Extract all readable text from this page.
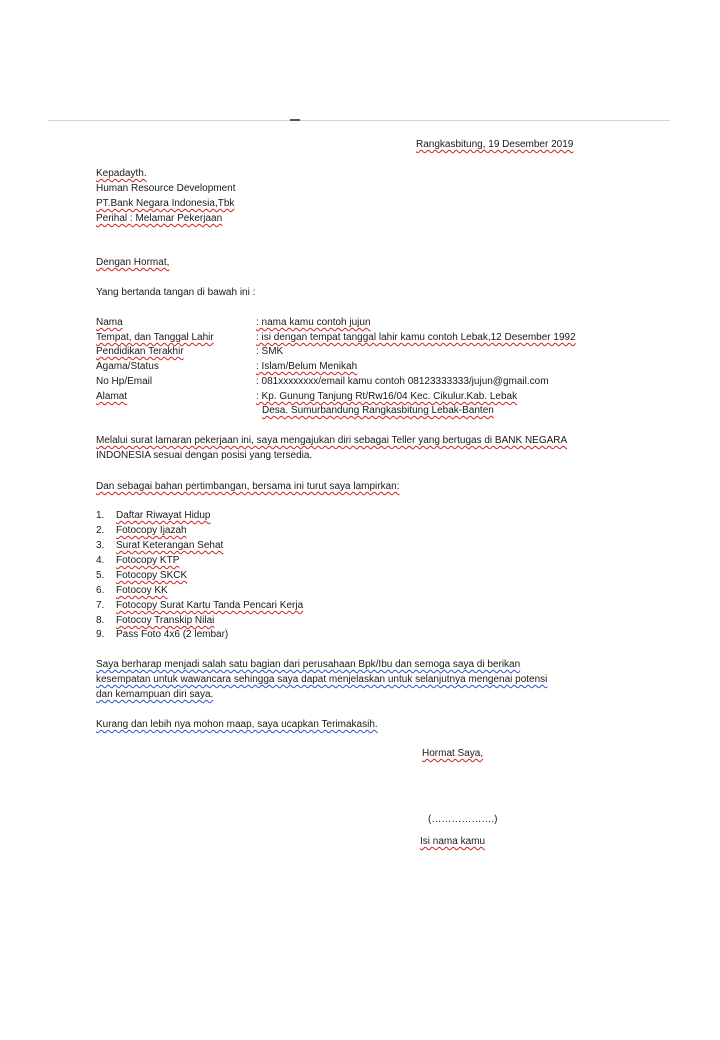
Rangkasbitung, 19 Desember 2019
Kepadayth.
Human Resource Development
PT.Bank Negara Indonesia,Tbk
Perihal : Melamar Pekerjaan
Dengan Hormat,
Yang bertanda tangan di bawah ini :
Nama	: nama kamu contoh jujun
Tempat, dan Tanggal Lahir	: isi dengan tempat tanggal lahir kamu contoh Lebak,12 Desember 1992
Pendidikan Terakhir	: SMK
Agama/Status	: Islam/Belum Menikah
No Hp/Email	: 081xxxxxxxx/email kamu contoh 08123333333/jujun@gmail.com
Alamat	: Kp. Gunung Tanjung Rt/Rw16/04 Kec. Cikulur.Kab. Lebak
Desa. Sumurbandung Rangkasbitung Lebak-Banten
Melalui surat lamaran pekerjaan ini, saya mengajukan diri sebagai Teller yang bertugas di BANK NEGARA
INDONESIA sesuai dengan posisi yang tersedia.
Dan sebagai bahan pertimbangan, bersama ini turut saya lampirkan:
1. Daftar Riwayat Hidup
2. Fotocopy Ijazah
3. Surat Keterangan Sehat
4. Fotocopy KTP
5. Fotocopy SKCK
6. Fotocoy KK
7. Fotocopy Surat Kartu Tanda Pencari Kerja
8. Fotocoy Transkip Nilai
9. Pass Foto 4x6 (2 lembar)
Saya berharap menjadi salah satu bagian dari perusahaan Bpk/Ibu dan semoga saya di berikan
kesempatan untuk wawancara sehingga saya dapat menjelaskan untuk selanjutnya mengenai potensi
dan kemampuan diri saya.
Kurang dan lebih nya mohon maap, saya ucapkan Terimakasih.
Hormat Saya,
(……………….)
Isi nama kamu
